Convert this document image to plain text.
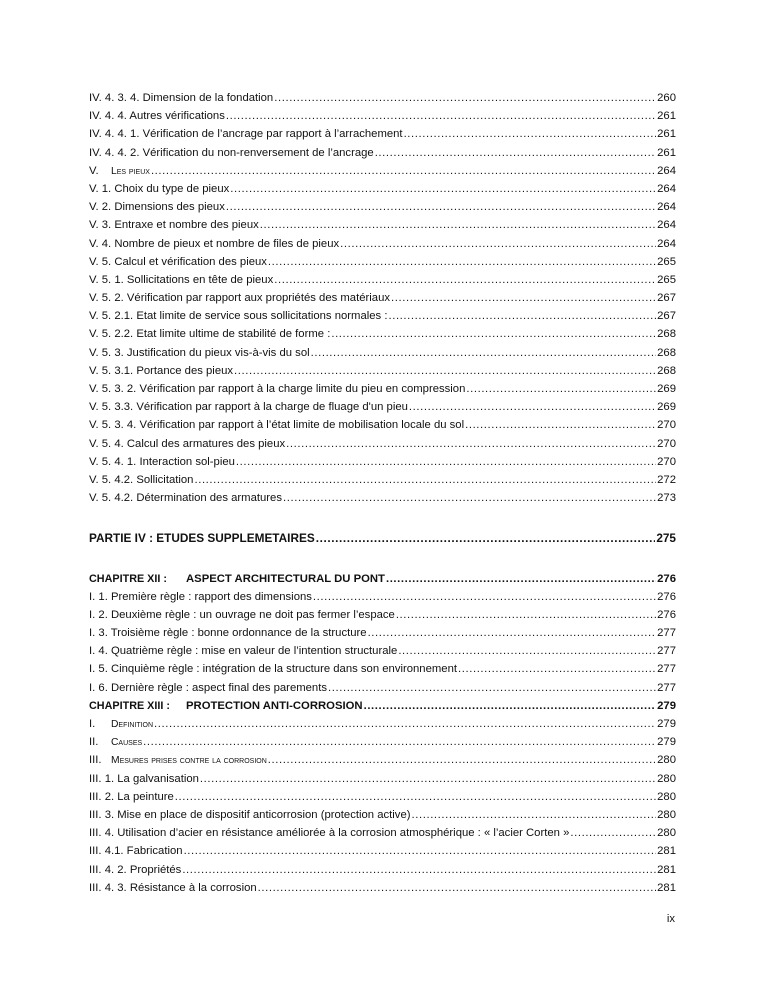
IV. 4. 3. 4. Dimension de la fondation .....	260
IV. 4. 4. Autres vérifications .....	261
IV. 4. 4. 1. Vérification de l’ancrage par rapport à l’arrachement .....	261
IV. 4. 4. 2. Vérification du non-renversement de l’ancrage .....	261
V. Les pieux .....	264
V. 1. Choix du type de pieux .....	264
V. 2. Dimensions des pieux .....	264
V. 3. Entraxe et nombre des pieux .....	264
V. 4. Nombre de pieux et nombre de files de pieux .....	264
V. 5. Calcul et vérification des pieux .....	265
V. 5. 1. Sollicitations en tête de pieux .....	265
V. 5. 2. Vérification par rapport aux propriétés des matériaux .....	267
V. 5. 2.1. Etat limite de service sous sollicitations normales : .....	267
V. 5. 2.2. Etat limite ultime de stabilité de forme : .....	268
V. 5. 3. Justification du pieux vis-à-vis du sol .....	268
V. 5. 3.1. Portance des pieux .....	268
V. 5. 3. 2. Vérification par rapport à la charge limite du pieu en compression .....	269
V. 5. 3.3. Vérification par rapport à la charge de fluage d'un pieu .....	269
V. 5. 3. 4. Vérification par rapport à l’état limite de mobilisation locale du sol .....	270
V. 5. 4. Calcul des armatures des pieux .....	270
V. 5. 4. 1. Interaction sol-pieu .....	270
V. 5. 4.2. Sollicitation .....	272
V. 5. 4.2. Détermination des armatures .....	273
PARTIE IV : ETUDES SUPPLEMETAIRES .....	275
CHAPITRE XII : ASPECT ARCHITECTURAL DU PONT .....	276
I. 1. Première règle : rapport des dimensions .....	276
I. 2. Deuxième règle : un ouvrage ne doit pas fermer l’espace .....	276
I. 3. Troisième règle : bonne ordonnance de la structure .....	277
I. 4. Quatrième règle : mise en valeur de l’intention structurale .....	277
I. 5. Cinquième règle : intégration de la structure dans son environnement .....	277
I. 6. Dernière règle : aspect final des parements .....	277
CHAPITRE XIII : PROTECTION ANTI-CORROSION .....	279
I. Definition .....	279
II. Causes .....	279
III. Mesures prises contre la corrosion .....	280
III. 1. La galvanisation .....	280
III. 2. La peinture .....	280
III. 3. Mise en place de dispositif anticorrosion (protection active) .....	280
III. 4. Utilisation d’acier en résistance améliorée à la corrosion atmosphérique : « l’acier Corten » .....	280
III. 4.1. Fabrication .....	281
III. 4. 2. Propriétés .....	281
III. 4. 3. Résistance à la corrosion .....	281
ix
